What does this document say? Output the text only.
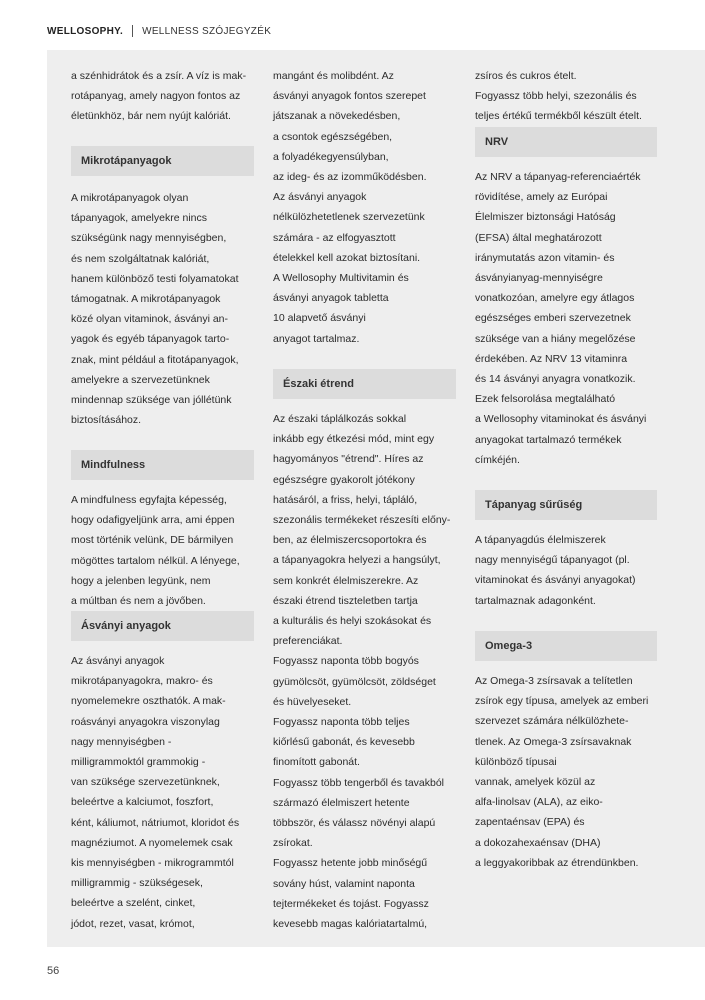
WELLOSOPHY. WELLNESS SZÓJEGYZÉK

a szénhidrátok és a zsír. A víz is mak-
rotápanyag, amely nagyon fontos az
életünkhöz, bár nem nyújt kalóriát.

Mikrotápanyagok

A mikrotápanyagok olyan
tápanyagok, amelyekre nincs
szükségünk nagy mennyiségben,
és nem szolgáltatnak kalóriát,
hanem különböző testi folyamatokat
támogatnak. A mikrotápanyagok
közé olyan vitaminok, ásványi an-
yagok és egyéb tápanyagok tarto-
znak, mint például a fitotápanyagok,
amelyekre a szervezetünknek
mindennap szüksége van jóllétünk
biztosításához.

Mindfulness

A mindfulness egyfajta képesség,
hogy odafigyeljünk arra, ami éppen
most történik velünk, DE bármilyen
mögöttes tartalom nélkül. A lényege,
hogy a jelenben legyünk, nem
a múltban és nem a jövőben.

Ásványi anyagok

Az ásványi anyagok
mikrotápanyagokra, makro- és
nyomelemekre oszthatók. A mak-
roásványi anyagokra viszonylag
nagy mennyiségben -
milligrammoktól grammokig -
van szüksége szervezetünknek,
beleértve a kalciumot, foszfort,
ként, káliumot, nátriumot, kloridot és
magnéziumot. A nyomelemek csak
kis mennyiségben - mikrogrammtól
milligrammig - szükségesek,
beleértve a szelént, cinket,
jódot, rezet, vasat, krómot,

mangánt és molibdént. Az
ásványi anyagok fontos szerepet
játszanak a növekedésben,
a csontok egészségében,
a folyadékegyensúlyban,
az ideg- és az izomműködésben.
Az ásványi anyagok
nélkülözhetetlenek szervezetünk
számára - az elfogyasztott
ételekkel kell azokat biztosítani.
A Wellosophy Multivitamin és
ásványi anyagok tabletta
10 alapvető ásványi
anyagot tartalmaz.

Északi étrend

Az északi táplálkozás sokkal
inkább egy étkezési mód, mint egy
hagyományos "étrend". Híres az
egészségre gyakorolt jótékony
hatásáról, a friss, helyi, tápláló,
szezonális termékeket részesíti előny-
ben, az élelmiszercsoportokra és
a tápanyagokra helyezi a hangsúlyt,
sem konkrét élelmiszerekre. Az
északi étrend tiszteletben tartja
a kulturális és helyi szokásokat és
preferenciákat.
Fogyassz naponta több bogyós
gyümölcsöt, gyümölcsöt, zöldséget
és hüvelyeseket.
Fogyassz naponta több teljes
kiőrlésű gabonát, és kevesebb
finomított gabonát.
Fogyassz több tengerből és tavakból
származó élelmiszert hetente
többször, és válassz növényi alapú
zsírokat.
Fogyassz hetente jobb minőségű
sovány húst, valamint naponta
tejtermékeket és tojást. Fogyassz
kevesebb magas kalóriatartalmú,

zsíros és cukros ételt.
Fogyassz több helyi, szezonális és
teljes értékű termékből készült ételt.

NRV

Az NRV a tápanyag-referenciaérték
rövidítése, amely az Európai
Élelmiszer biztonsági Hatóság
(EFSA) által meghatározott
iránymutatás azon vitamin- és
ásványianyag-mennyiségre
vonatkozóan, amelyre egy átlagos
egészséges emberi szervezetnek
szüksége van a hiány megelőzése
érdekében. Az NRV 13 vitaminra
és 14 ásványi anyagra vonatkozik.
Ezek felsorolása megtalálható
a Wellosophy vitaminokat és ásványi
anyagokat tartalmazó termékek
címkéjén.

Tápanyag sűrűség

A tápanyagdús élelmiszerek
nagy mennyiségű tápanyagot (pl.
vitaminokat és ásványi anyagokat)
tartalmaznak adagonként.

Omega-3

Az Omega-3 zsírsavak a telítetlen
zsírok egy típusa, amelyek az emberi
szervezet számára nélkülözhete-
tlenek. Az Omega-3 zsírsavaknak
különböző típusai
vannak, amelyek közül az
alfa-linolsav (ALA), az eiko-
zapentaénsav (EPA) és
a dokozahexaénsav (DHA)
a leggyakoribbak az étrendünkben.

56
